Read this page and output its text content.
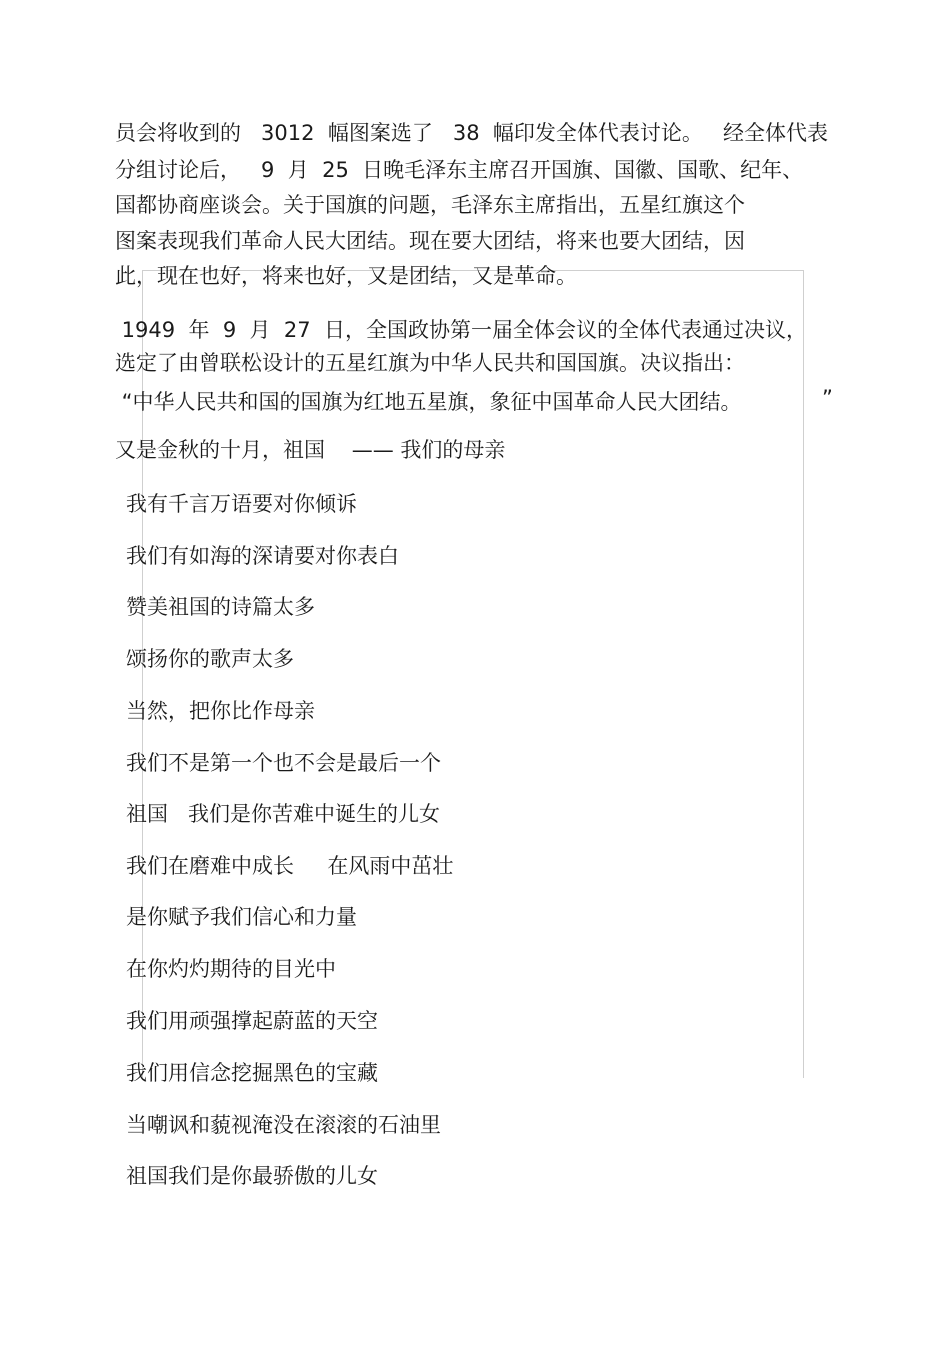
员会将收到的   3012  幅图案选了   38  幅印发全体代表讨论。   经全体代表

分组讨论后，   9  月  25  日晚毛泽东主席召开国旗、国徽、国歌、纪年、

国都协商座谈会。关于国旗的问题，毛泽东主席指出，五星红旗这个

图案表现我们革命人民大团结。现在要大团结，将来也要大团结，因

此，现在也好，将来也好，又是团结，又是革命。

1949  年  9  月  27  日，全国政协第一届全体会议的全体代表通过决议，

选定了由曾联松设计的五星红旗为中华人民共和国国旗。决议指出：

“中华人民共和国的国旗为红地五星旗，象征中国革命人民大团结。	”

又是金秋的十月，祖国    —— 我们的母亲

我有千言万语要对你倾诉

我们有如海的深请要对你表白

赞美祖国的诗篇太多

颂扬你的歌声太多

当然，把你比作母亲

我们不是第一个也不会是最后一个

祖国   我们是你苦难中诞生的儿女

我们在磨难中成长     在风雨中茁壮

是你赋予我们信心和力量

在你灼灼期待的目光中

我们用顽强撑起蔚蓝的天空

我们用信念挖掘黑色的宝藏

当嘲讽和藐视淹没在滚滚的石油里

祖国我们是你最骄傲的儿女
